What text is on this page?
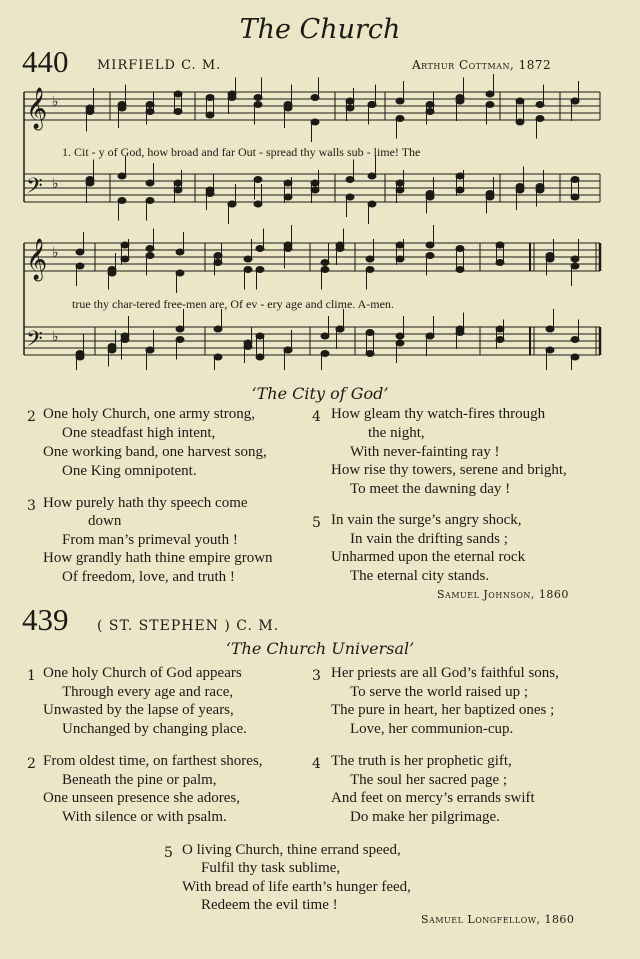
The Church
440 MIRFIELD C. M.	Arthur Cottman, 1872
𝄞
𝄢
𝄞
𝄢
♭
♭
♭
♭
1. Cit - y of God, how broad and far Out - spread thy walls sub - lime! The
true thy char-tered free-men are, Of ev - ery age and clime. A-men.
‘The City of God’
2 One holy Church, one army strong,
One steadfast high intent,
One working band, one harvest song,
One King omnipotent.
3 How purely hath thy speech come
down
From man’s primeval youth !
How grandly hath thine empire grown
Of freedom, love, and truth !
4 How gleam thy watch-fires through
the night,
With never-fainting ray !
How rise thy towers, serene and bright,
To meet the dawning day !
5 In vain the surge’s angry shock,
In vain the drifting sands ;
Unharmed upon the eternal rock
The eternal city stands.
Samuel Johnson, 1860
439 ( ST. STEPHEN ) C. M.
‘The Church Universal’
1 One holy Church of God appears
Through every age and race,
Unwasted by the lapse of years,
Unchanged by changing place.
2 From oldest time, on farthest shores,
Beneath the pine or palm,
One unseen presence she adores,
With silence or with psalm.
3 Her priests are all God’s faithful sons,
To serve the world raised up ;
The pure in heart, her baptized ones ;
Love, her communion-cup.
4 The truth is her prophetic gift,
The soul her sacred page ;
And feet on mercy’s errands swift
Do make her pilgrimage.
5 O living Church, thine errand speed,
Fulfil thy task sublime,
With bread of life earth’s hunger feed,
Redeem the evil time !
Samuel Longfellow, 1860
